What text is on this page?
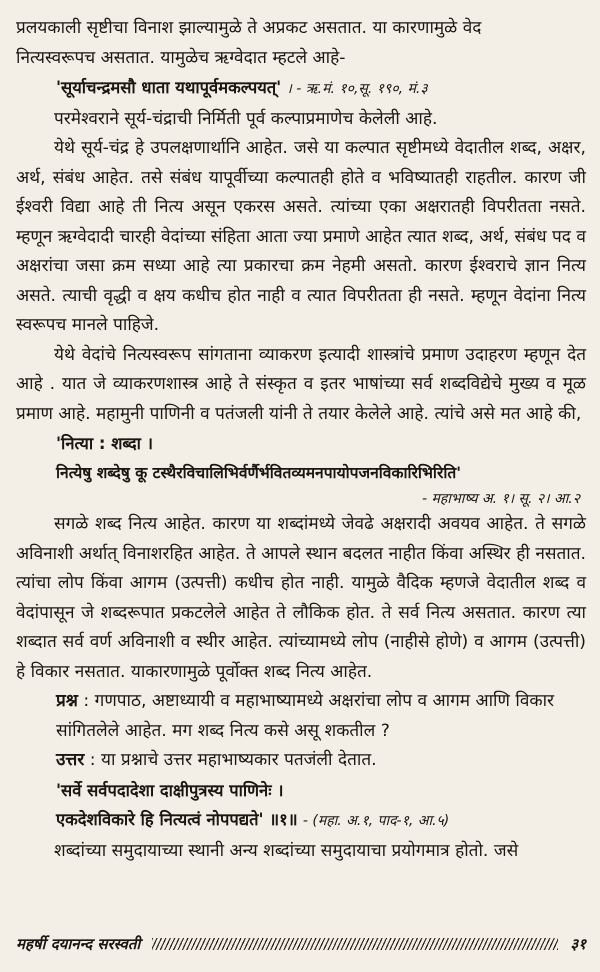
प्रलयकाली सृष्टीचा विनाश झाल्यामुळे ते अप्रकट असतात. या कारणामुळे वेद

नित्यस्वरूपच असतात. यामुळेच ऋग्वेदात म्हटले आहे-

'सूर्याचन्द्रमसौ धाता यथापूर्वमकल्पयत्' । - ऋ.मं. १०,सू. १९०, मं.३

परमेश्वराने सूर्य-चंद्राची निर्मिती पूर्व कल्पाप्रमाणेच केलेली आहे.

येथे सूर्य-चंद्र हे उपलक्षणार्थानि आहेत. जसे या कल्पात सृष्टीमध्ये वेदातील शब्द, अक्षर, अर्थ, संबंध आहेत. तसे संबंध यापूर्वीच्या कल्पातही होते व भविष्यातही राहतील. कारण जी ईश्वरी विद्या आहे ती नित्य असून एकरस असते. त्यांच्या एका अक्षरातही विपरीतता नसते. म्हणून ऋग्वेदादी चारही वेदांच्या संहिता आता ज्या प्रमाणे आहेत त्यात शब्द, अर्थ, संबंध पद व अक्षरांचा जसा क्रम सध्या आहे त्या प्रकारचा क्रम नेहमी असतो. कारण ईश्वराचे ज्ञान नित्य असते. त्याची वृद्धी व क्षय कधीच होत नाही व त्यात विपरीतता ही नसते. म्हणून वेदांना नित्य स्वरूपच मानले पाहिजे.

येथे वेदांचे नित्यस्वरूप सांगताना व्याकरण इत्यादी शास्त्रांचे प्रमाण उदाहरण म्हणून देत आहे . यात जे व्याकरणशास्त्र आहे ते संस्कृत व इतर भाषांच्या सर्व शब्दविद्येचे मुख्य व मूळ प्रमाण आहे. महामुनी पाणिनी व पतंजली यांनी ते तयार केलेले आहे. त्यांचे असे मत आहे की,

'नित्या : शब्दा ।

नित्येषु शब्देषु कू टस्थैरविचालिभिर्वर्णैर्भवितव्यमनपायोपजनविकारिभिरिति'

- महाभाष्य अ. १। सू. २। आ.२

सगळे शब्द नित्य आहेत. कारण या शब्दांमध्ये जेवढे अक्षरादी अवयव आहेत. ते सगळे अविनाशी अर्थात् विनाशरहित आहेत. ते आपले स्थान बदलत नाहीत किंवा अस्थिर ही नसतात. त्यांचा लोप किंवा आगम (उत्पत्ती) कधीच होत नाही. यामुळे वैदिक म्हणजे वेदातील शब्द व वेदांपासून जे शब्दरूपात प्रकटलेले आहेत ते लौकिक होत. ते सर्व नित्य असतात. कारण त्या शब्दात सर्व वर्ण अविनाशी व स्थीर आहेत. त्यांच्यामध्ये लोप (नाहीसे होणे) व आगम (उत्पत्ती) हे विकार नसतात. याकारणामुळे पूर्वोक्त शब्द नित्य आहेत.

प्रश्न : गणपाठ, अष्टाध्यायी व महाभाष्यामध्ये अक्षरांचा लोप व आगम आणि विकार

सांगितलेले आहेत. मग शब्द नित्य कसे असू शकतील ?

उत्तर : या प्रश्नाचे उत्तर महाभाष्यकार पतजंली देतात.

'सर्वे सर्वपदादेशा दाक्षीपुत्रस्य पाणिनेः ।

एकदेशविकारे हि नित्यत्वं नोपपद्यते' ॥१॥ - (महा. अ.१, पाद-१, आ.५)

शब्दांच्या समुदायाच्या स्थानी अन्य शब्दांच्या समुदायाचा प्रयोगमात्र होतो. जसे

महर्षी दयानन्द सरस्वती	३१
